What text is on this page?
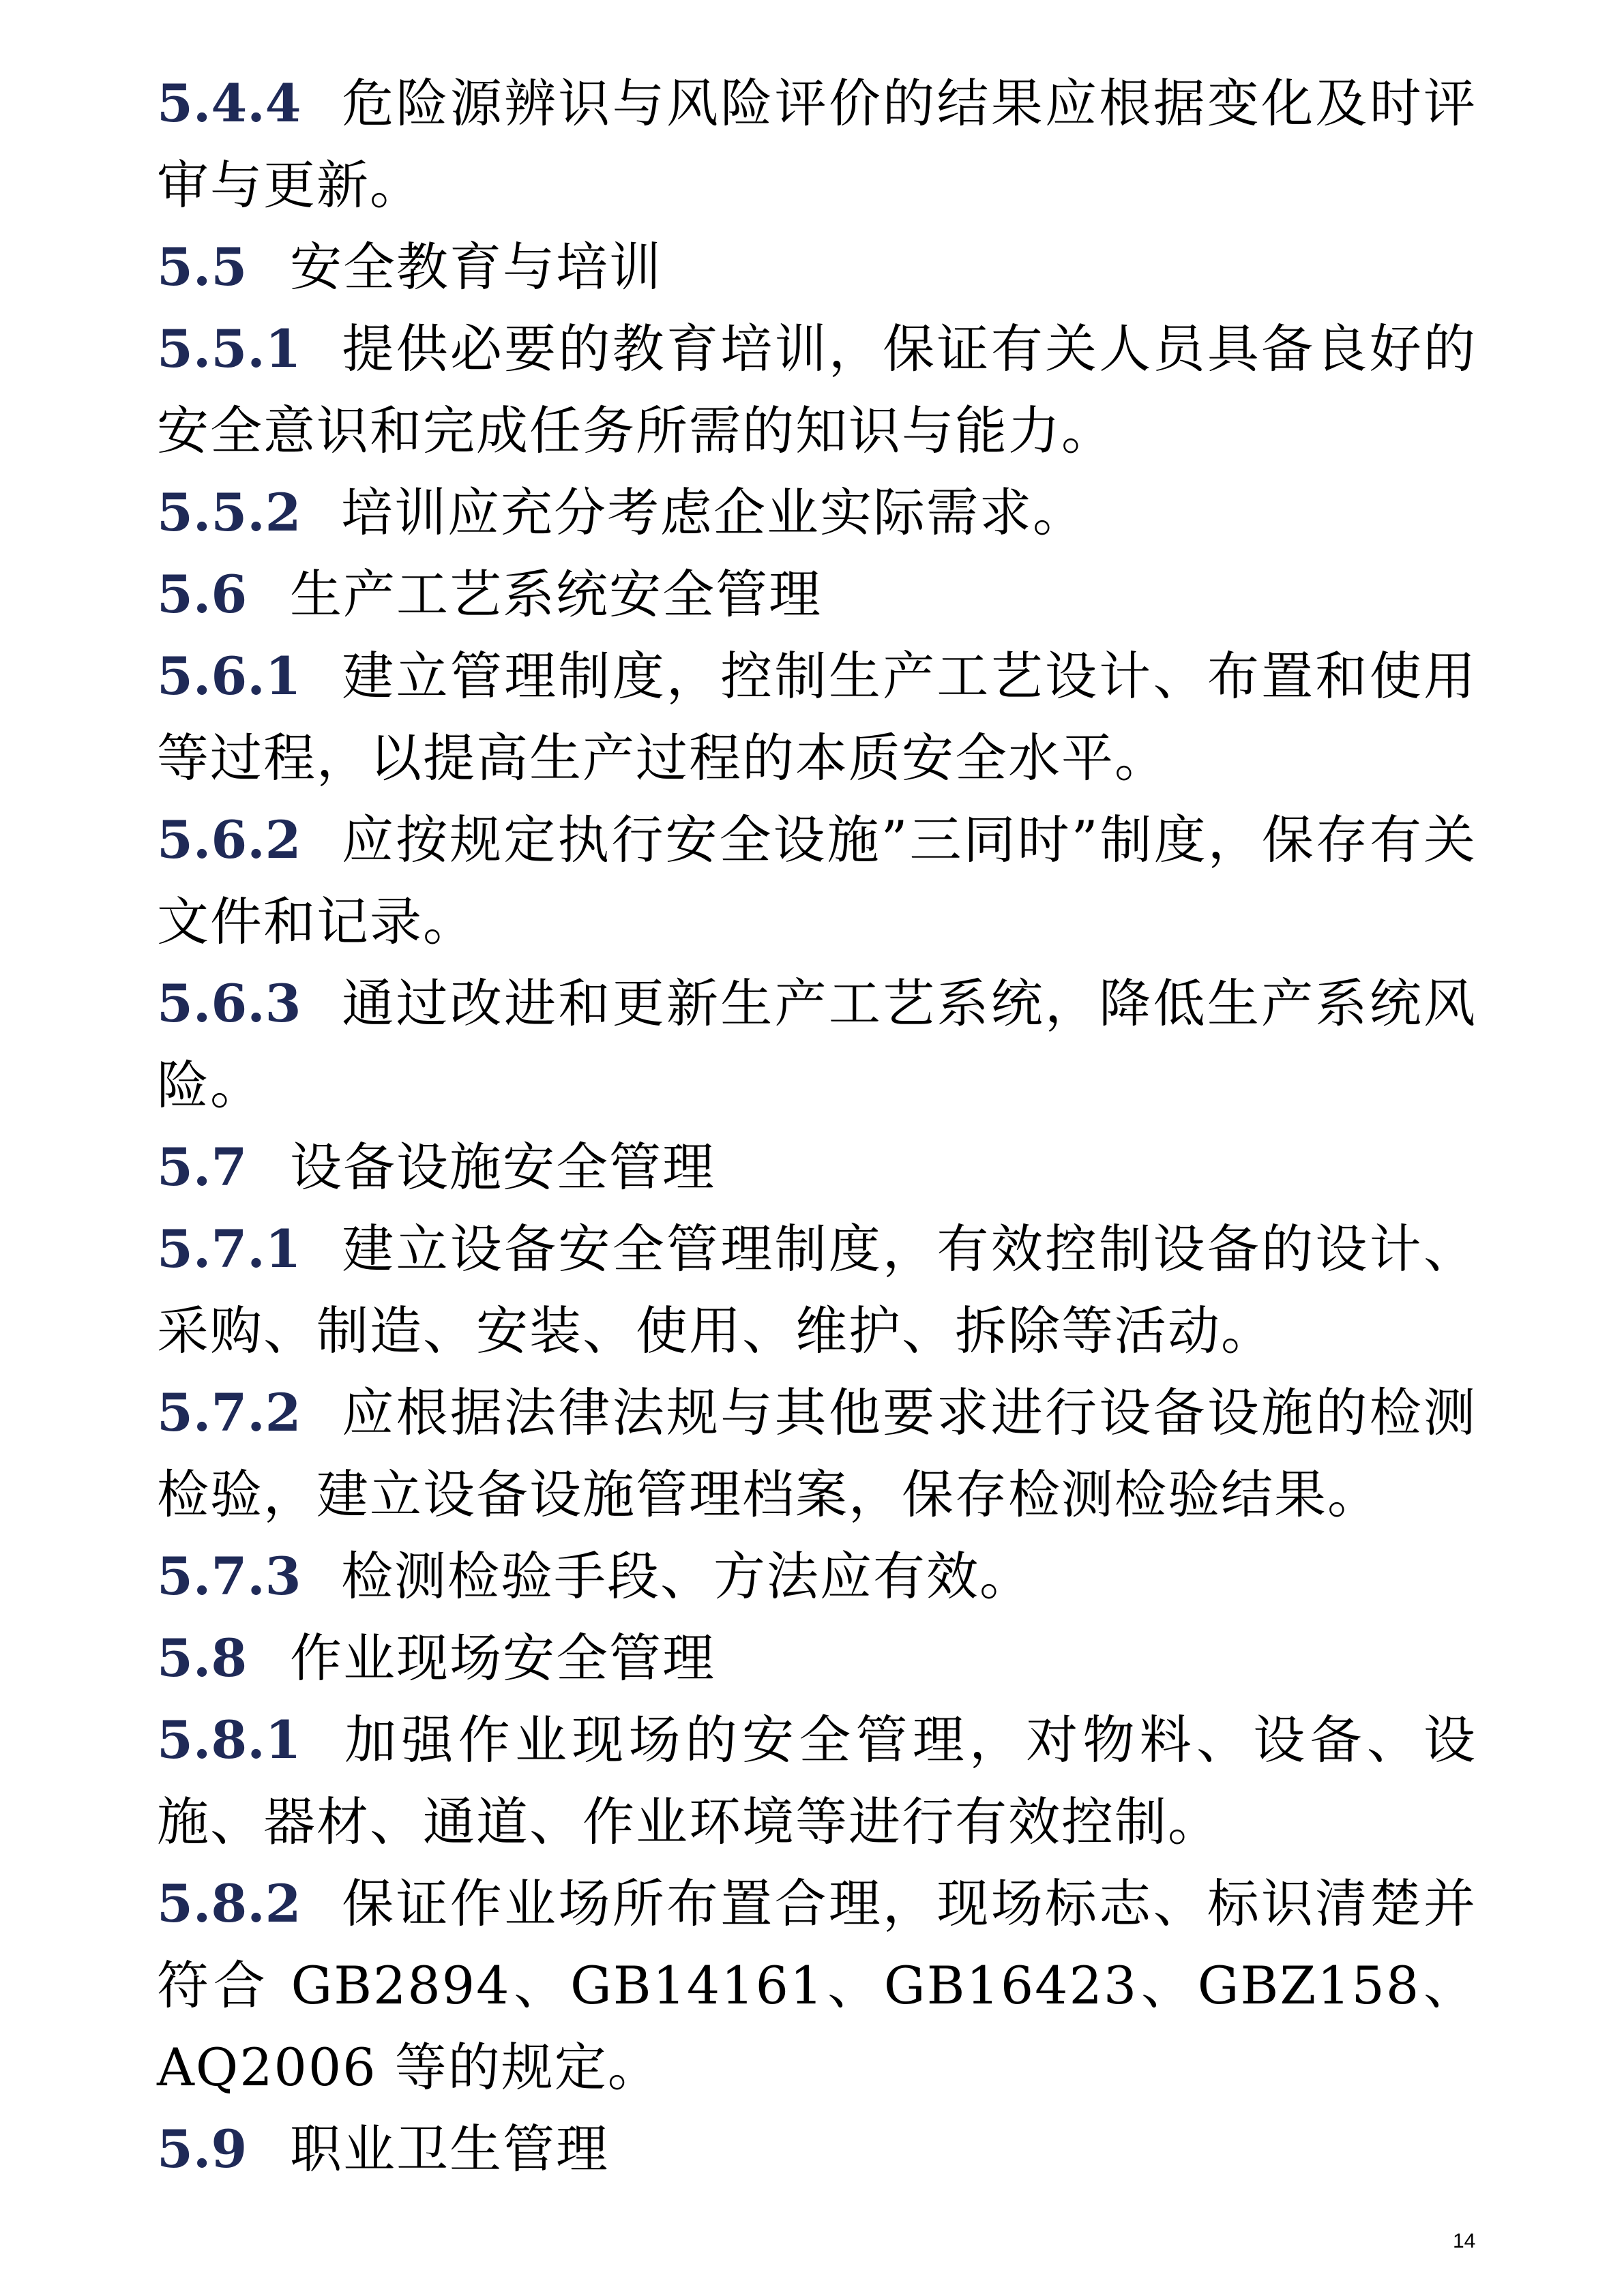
5.4.4 危险源辨识与风险评价的结果应根据变化及时评审与更新。

5.5 安全教育与培训

5.5.1 提供必要的教育培训，保证有关人员具备良好的安全意识和完成任务所需的知识与能力。

5.5.2 培训应充分考虑企业实际需求。

5.6 生产工艺系统安全管理

5.6.1 建立管理制度，控制生产工艺设计、布置和使用等过程，以提高生产过程的本质安全水平。

5.6.2 应按规定执行安全设施”三同时”制度，保存有关文件和记录。

5.6.3 通过改进和更新生产工艺系统，降低生产系统风险。

5.7 设备设施安全管理

5.7.1 建立设备安全管理制度，有效控制设备的设计、采购、制造、安装、使用、维护、拆除等活动。

5.7.2 应根据法律法规与其他要求进行设备设施的检测检验，建立设备设施管理档案，保存检测检验结果。

5.7.3 检测检验手段、方法应有效。

5.8 作业现场安全管理

5.8.1 加强作业现场的安全管理，对物料、设备、设施、器材、通道、作业环境等进行有效控制。

5.8.2 保证作业场所布置合理，现场标志、标识清楚并符合 GB2894、GB14161、GB16423、GBZ158、AQ2006 等的规定。

5.9 职业卫生管理

14
